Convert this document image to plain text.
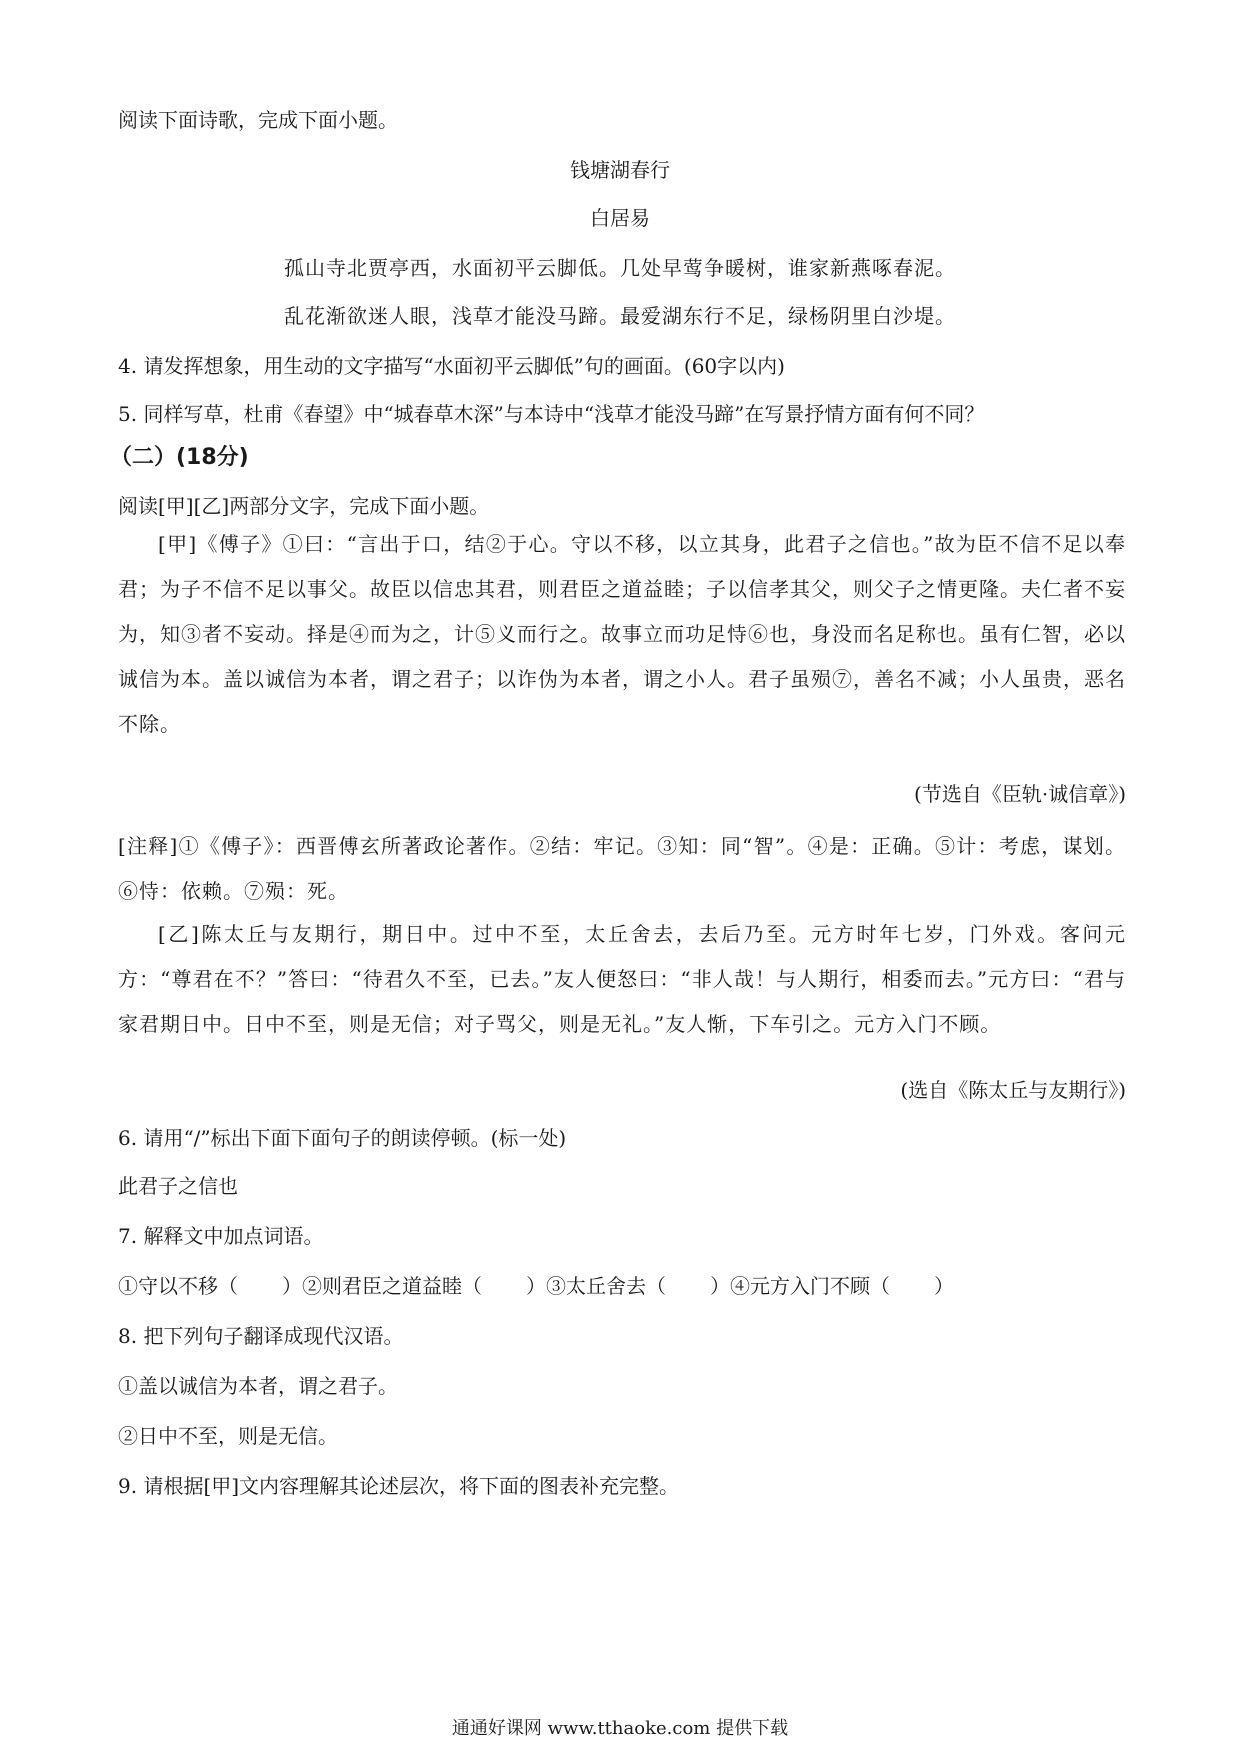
阅读下面诗歌，完成下面小题。
钱塘湖春行
白居易
孤山寺北贾亭西，水面初平云脚低。几处早莺争暖树，谁家新燕啄春泥。
乱花渐欲迷人眼，浅草才能没马蹄。最爱湖东行不足，绿杨阴里白沙堤。
4. 请发挥想象，用生动的文字描写“水面初平云脚低”句的画面。(60字以内)
5. 同样写草，杜甫《春望》中“城春草木深”与本诗中“浅草才能没马蹄”在写景抒情方面有何不同？
（二）(18分)
阅读[甲][乙]两部分文字，完成下面小题。
[甲]《傅子》①曰：“言出于口，结②于心。守以不移，以立其身，此君子之信也。”故为臣不信不足以奉君；为子不信不足以事父。故臣以信忠其君，则君臣之道益睦；子以信孝其父，则父子之情更隆。夫仁者不妄为，知③者不妄动。择是④而为之，计⑤义而行之。故事立而功足恃⑥也，身没而名足称也。虽有仁智，必以诚信为本。盖以诚信为本者，谓之君子；以诈伪为本者，谓之小人。君子虽殒⑦，善名不减；小人虽贵，恶名不除。
(节选自《臣轨·诚信章》)
[注释]①《傅子》：西晋傅玄所著政论著作。②结：牢记。③知：同“智”。④是：正确。⑤计：考虑，谋划。⑥恃：依赖。⑦殒：死。
[乙]陈太丘与友期行，期日中。过中不至，太丘舍去，去后乃至。元方时年七岁，门外戏。客问元方：“尊君在不？”答曰：“待君久不至，已去。”友人便怒曰：“非人哉！与人期行，相委而去。”元方曰：“君与家君期日中。日中不至，则是无信；对子骂父，则是无礼。”友人惭，下车引之。元方入门不顾。
(选自《陈太丘与友期行》)
6. 请用“/”标出下面下面句子的朗读停顿。(标一处)
此君子之信也
7. 解释文中加点词语。
①守以不移（ ）②则君臣之道益睦（ ）③太丘舍去（ ）④元方入门不顾（ ）
8. 把下列句子翻译成现代汉语。
①盖以诚信为本者，谓之君子。
②日中不至，则是无信。
9. 请根据[甲]文内容理解其论述层次，将下面的图表补充完整。
通通好课网 www.tthaoke.com 提供下载
